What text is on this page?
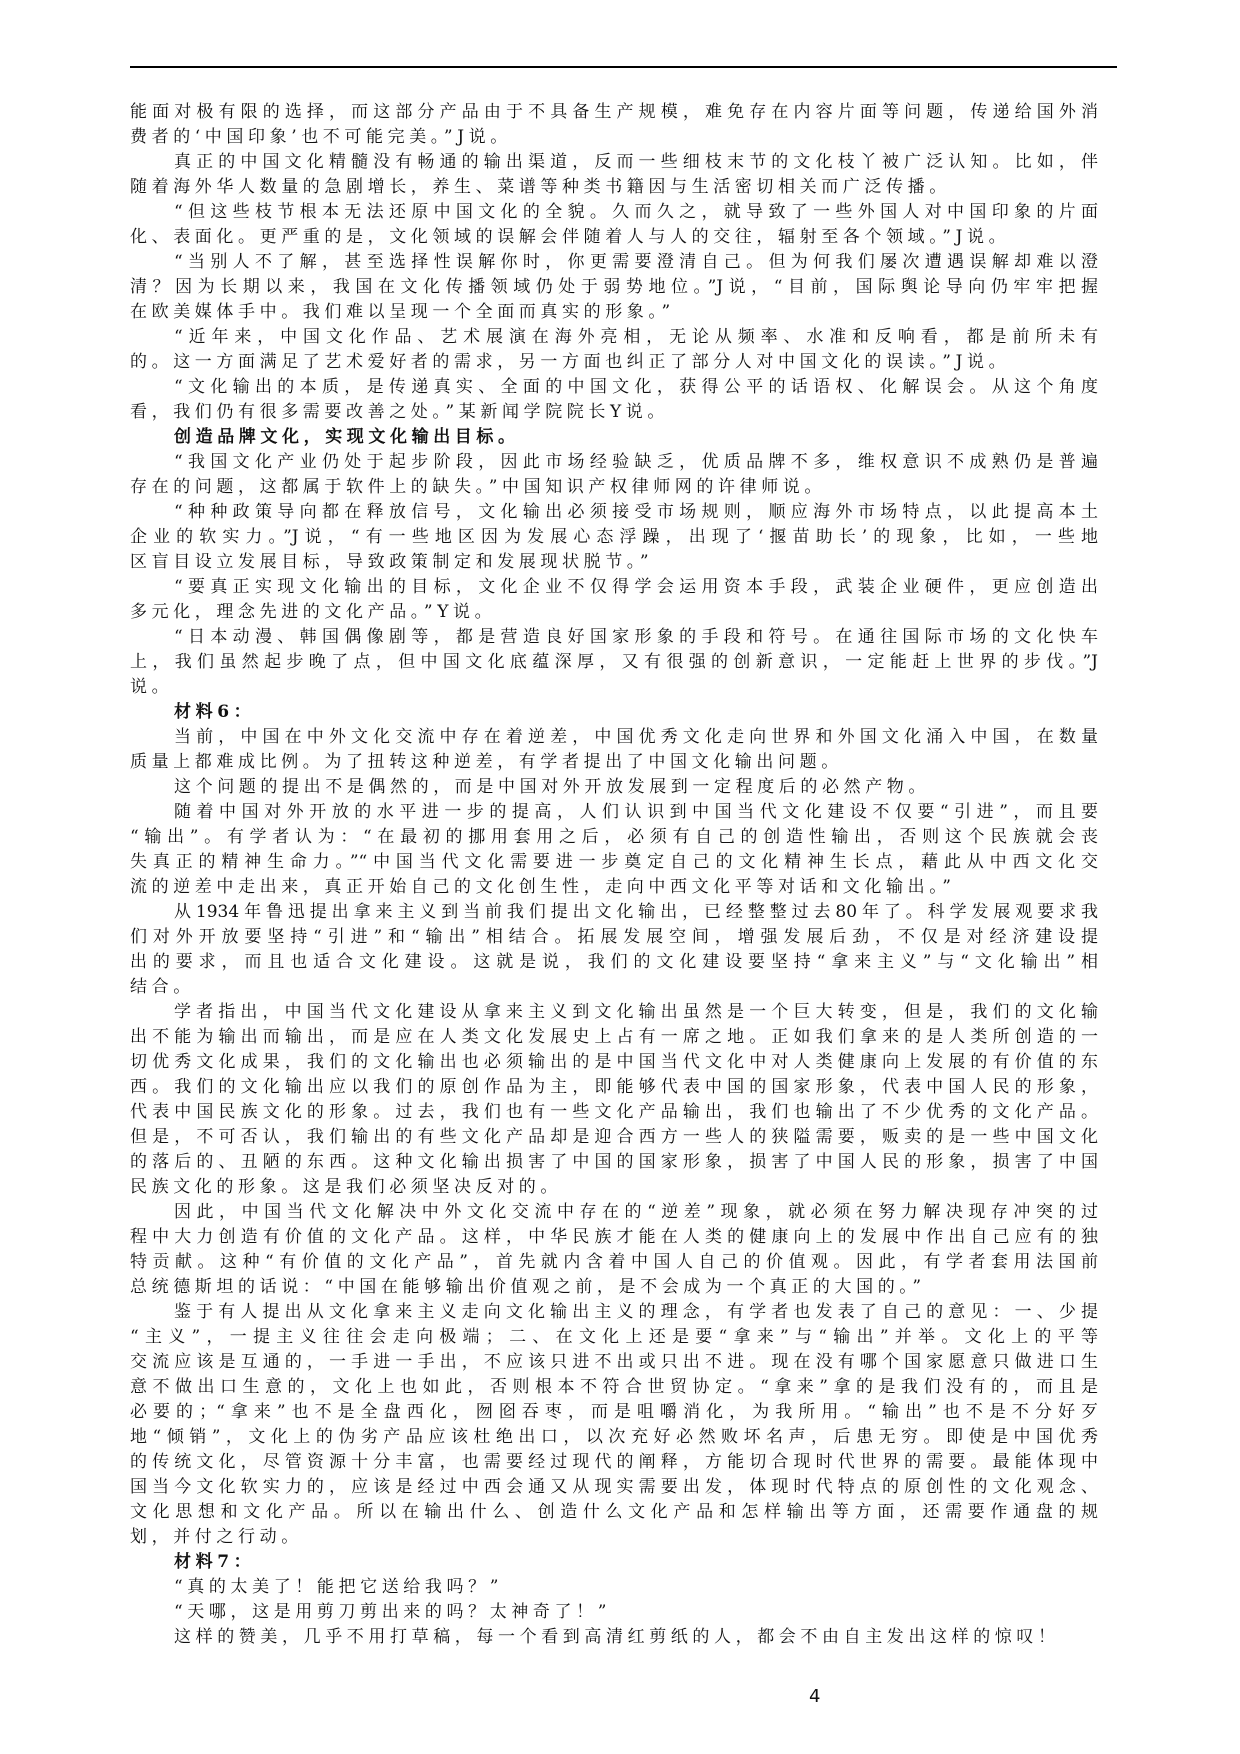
能面对极有限的选择，而这部分产品由于不具备生产规模，难免存在内容片面等问题，传递给国外消
费者的‘中国印象’也不可能完美。”J说。
真正的中国文化精髓没有畅通的输出渠道，反而一些细枝末节的文化枝丫被广泛认知。比如，伴
随着海外华人数量的急剧增长，养生、菜谱等种类书籍因与生活密切相关而广泛传播。
“但这些枝节根本无法还原中国文化的全貌。久而久之，就导致了一些外国人对中国印象的片面
化、表面化。更严重的是，文化领域的误解会伴随着人与人的交往，辐射至各个领域。”J说。
“当别人不了解，甚至选择性误解你时，你更需要澄清自己。但为何我们屡次遭遇误解却难以澄
清？因为长期以来，我国在文化传播领域仍处于弱势地位。”J说，“目前，国际舆论导向仍牢牢把握
在欧美媒体手中。我们难以呈现一个全面而真实的形象。”
“近年来，中国文化作品、艺术展演在海外亮相，无论从频率、水准和反响看，都是前所未有
的。这一方面满足了艺术爱好者的需求，另一方面也纠正了部分人对中国文化的误读。”J说。
“文化输出的本质，是传递真实、全面的中国文化，获得公平的话语权、化解误会。从这个角度
看，我们仍有很多需要改善之处。”某新闻学院院长Y说。
创造品牌文化，实现文化输出目标。
“我国文化产业仍处于起步阶段，因此市场经验缺乏，优质品牌不多，维权意识不成熟仍是普遍
存在的问题，这都属于软件上的缺失。”中国知识产权律师网的许律师说。
“种种政策导向都在释放信号，文化输出必须接受市场规则，顺应海外市场特点，以此提高本土
企业的软实力。”J说，“有一些地区因为发展心态浮躁，出现了‘揠苗助长’的现象，比如，一些地
区盲目设立发展目标，导致政策制定和发展现状脱节。”
“要真正实现文化输出的目标，文化企业不仅得学会运用资本手段，武装企业硬件，更应创造出
多元化，理念先进的文化产品。”Y说。
“日本动漫、韩国偶像剧等，都是营造良好国家形象的手段和符号。在通往国际市场的文化快车
上，我们虽然起步晚了点，但中国文化底蕴深厚，又有很强的创新意识，一定能赶上世界的步伐。”J
说。
材料6：
当前，中国在中外文化交流中存在着逆差，中国优秀文化走向世界和外国文化涌入中国，在数量
质量上都难成比例。为了扭转这种逆差，有学者提出了中国文化输出问题。
这个问题的提出不是偶然的，而是中国对外开放发展到一定程度后的必然产物。
随着中国对外开放的水平进一步的提高，人们认识到中国当代文化建设不仅要“引进”，而且要
“输出”。有学者认为：“在最初的挪用套用之后，必须有自己的创造性输出，否则这个民族就会丧
失真正的精神生命力。”“中国当代文化需要进一步奠定自己的文化精神生长点，藉此从中西文化交
流的逆差中走出来，真正开始自己的文化创生性，走向中西文化平等对话和文化输出。”
从1934年鲁迅提出拿来主义到当前我们提出文化输出，已经整整过去80年了。科学发展观要求我
们对外开放要坚持“引进”和“输出”相结合。拓展发展空间，增强发展后劲，不仅是对经济建设提
出的要求，而且也适合文化建设。这就是说，我们的文化建设要坚持“拿来主义”与“文化输出”相
结合。
学者指出，中国当代文化建设从拿来主义到文化输出虽然是一个巨大转变，但是，我们的文化输
出不能为输出而输出，而是应在人类文化发展史上占有一席之地。正如我们拿来的是人类所创造的一
切优秀文化成果，我们的文化输出也必须输出的是中国当代文化中对人类健康向上发展的有价值的东
西。我们的文化输出应以我们的原创作品为主，即能够代表中国的国家形象，代表中国人民的形象，
代表中国民族文化的形象。过去，我们也有一些文化产品输出，我们也输出了不少优秀的文化产品。
但是，不可否认，我们输出的有些文化产品却是迎合西方一些人的狭隘需要，贩卖的是一些中国文化
的落后的、丑陋的东西。这种文化输出损害了中国的国家形象，损害了中国人民的形象，损害了中国
民族文化的形象。这是我们必须坚决反对的。
因此，中国当代文化解决中外文化交流中存在的“逆差”现象，就必须在努力解决现存冲突的过
程中大力创造有价值的文化产品。这样，中华民族才能在人类的健康向上的发展中作出自己应有的独
特贡献。这种“有价值的文化产品”，首先就内含着中国人自己的价值观。因此，有学者套用法国前
总统德斯坦的话说：“中国在能够输出价值观之前，是不会成为一个真正的大国的。”
鉴于有人提出从文化拿来主义走向文化输出主义的理念，有学者也发表了自己的意见：一、少提
“主义”，一提主义往往会走向极端；二、在文化上还是要“拿来”与“输出”并举。文化上的平等
交流应该是互通的，一手进一手出，不应该只进不出或只出不进。现在没有哪个国家愿意只做进口生
意不做出口生意的，文化上也如此，否则根本不符合世贸协定。“拿来”拿的是我们没有的，而且是
必要的；“拿来”也不是全盘西化，囫囵吞枣，而是咀嚼消化，为我所用。“输出”也不是不分好歹
地“倾销”，文化上的伪劣产品应该杜绝出口，以次充好必然败坏名声，后患无穷。即使是中国优秀
的传统文化，尽管资源十分丰富，也需要经过现代的阐释，方能切合现时代世界的需要。最能体现中
国当今文化软实力的，应该是经过中西会通又从现实需要出发，体现时代特点的原创性的文化观念、
文化思想和文化产品。所以在输出什么、创造什么文化产品和怎样输出等方面，还需要作通盘的规
划，并付之行动。
材料7：
“真的太美了！能把它送给我吗？”
“天哪，这是用剪刀剪出来的吗？太神奇了！”
这样的赞美，几乎不用打草稿，每一个看到高清红剪纸的人，都会不由自主发出这样的惊叹！
4
